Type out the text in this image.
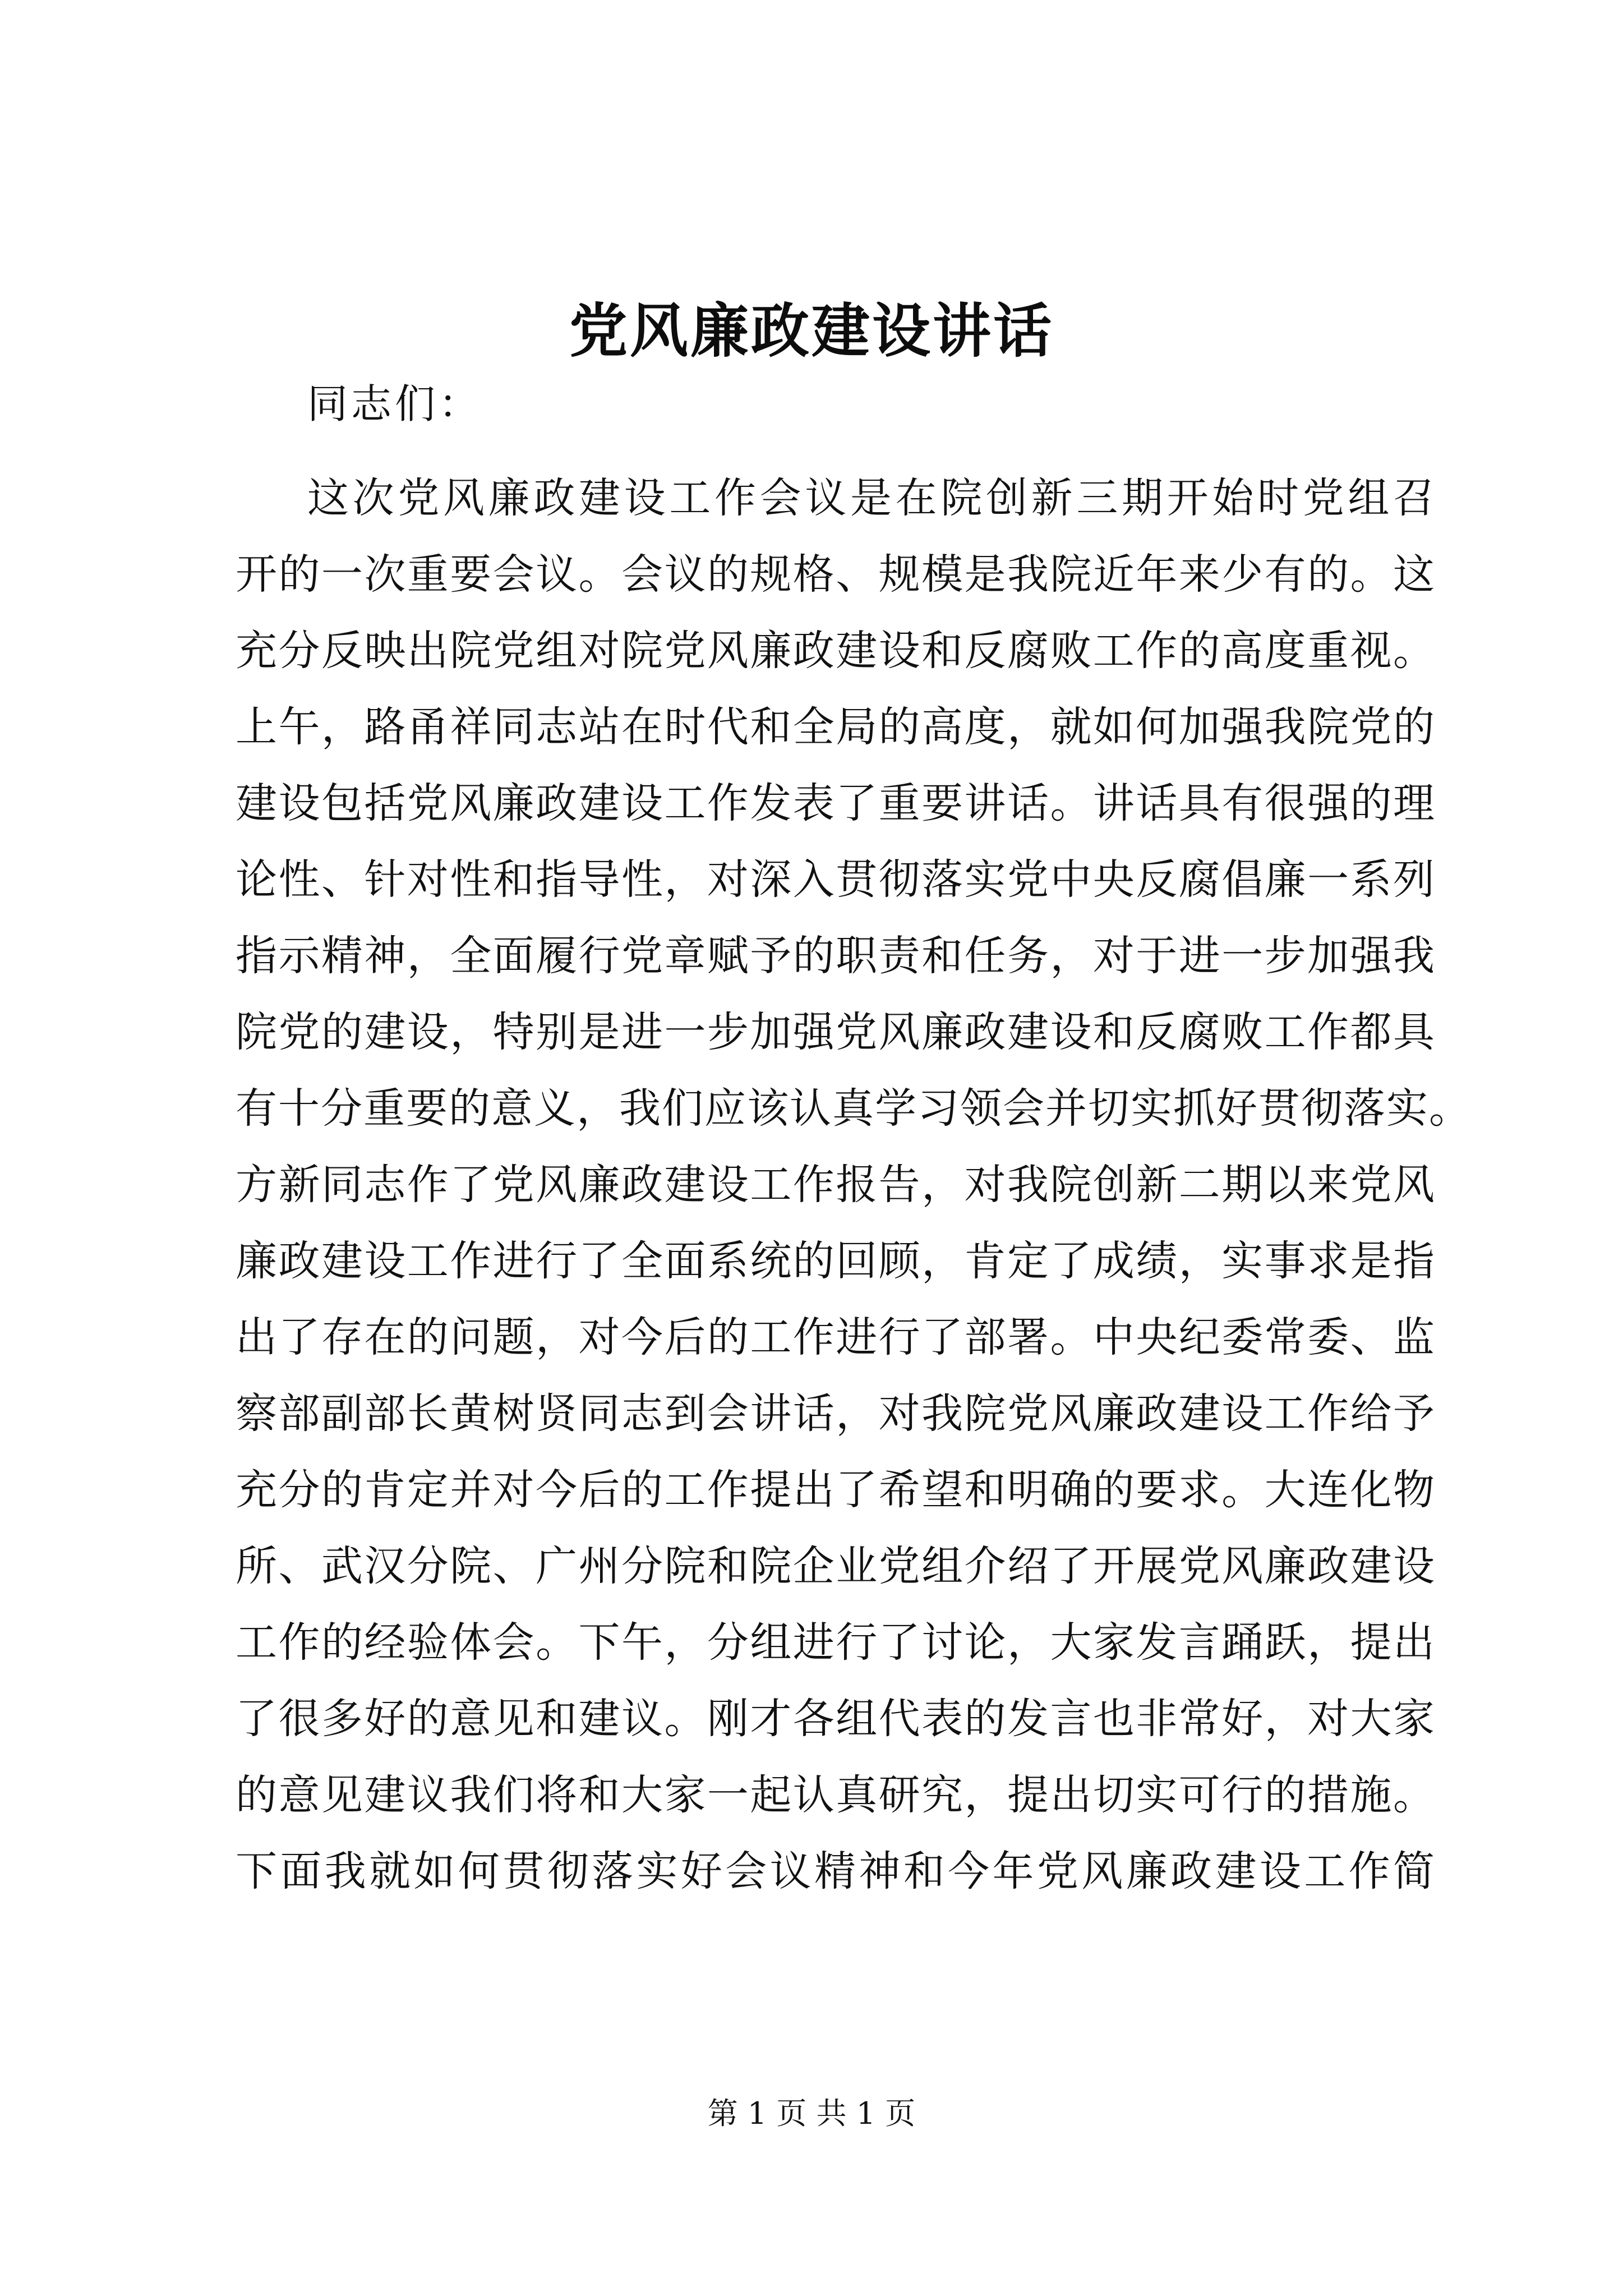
党风廉政建设讲话
同志们：
这次党风廉政建设工作会议是在院创新三期开始时党组召
开的一次重要会议。会议的规格、规模是我院近年来少有的。这
充分反映出院党组对院党风廉政建设和反腐败工作的高度重视。
上午，路甬祥同志站在时代和全局的高度，就如何加强我院党的
建设包括党风廉政建设工作发表了重要讲话。讲话具有很强的理
论性、针对性和指导性，对深入贯彻落实党中央反腐倡廉一系列
指示精神，全面履行党章赋予的职责和任务，对于进一步加强我
院党的建设，特别是进一步加强党风廉政建设和反腐败工作都具
有十分重要的意义，我们应该认真学习领会并切实抓好贯彻落实。
方新同志作了党风廉政建设工作报告，对我院创新二期以来党风
廉政建设工作进行了全面系统的回顾，肯定了成绩，实事求是指
出了存在的问题，对今后的工作进行了部署。中央纪委常委、监
察部副部长黄树贤同志到会讲话，对我院党风廉政建设工作给予
充分的肯定并对今后的工作提出了希望和明确的要求。大连化物
所、武汉分院、广州分院和院企业党组介绍了开展党风廉政建设
工作的经验体会。下午，分组进行了讨论，大家发言踊跃，提出
了很多好的意见和建议。刚才各组代表的发言也非常好，对大家
的意见建议我们将和大家一起认真研究，提出切实可行的措施。
下面我就如何贯彻落实好会议精神和今年党风廉政建设工作简
第 1 页 共 1 页
